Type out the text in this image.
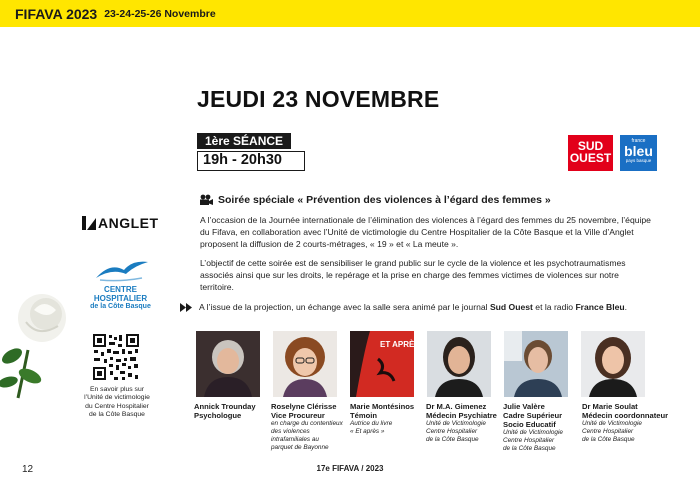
FIFAVA 2023 23-24-25-26 Novembre
JEUDI 23 NOVEMBRE
1ère SÉANCE
19h - 20h30
SUD
OUEST
france
bleu
pays basque
Soirée spéciale « Prévention des violences à l’égard des femmes »
A l’occasion de la Journée internationale de l’élimination des violences à l’égard des femmes du 25 novembre, l’équipe du Fifava, en collaboration avec l’Unité de victimologie du Centre Hospitalier de la Côte Basque et la Ville d’Anglet proposent la diffusion de 2 courts-métrages, « 19 » et « La meute ».
L’objectif de cette soirée est de sensibiliser le grand public sur le cycle de la violence et les psychotraumatismes associés ainsi que sur les droits, le repérage et la prise en charge des femmes victimes de violences sur notre territoire.
A l’issue de la projection, un échange avec la salle sera animé par le journal Sud Ouest et la radio France Bleu.
ANGLET
CENTRE HOSPITALIER
de la Côte Basque
En savoir plus sur
l’Unité de victimologie
du Centre Hospitalier
de la Côte Basque
ET APRÈS ?
Annick Trounday
Psychologue
Roselyne Clérisse
Vice Procureur
en charge du contentieux
des violences
intrafamiliales au
parquet de Bayonne
Marie Montésinos
Témoin
Autrice du livre
« Et après »
Dr M.A. Gimenez
Médecin Psychiatre
Unité de Victimologie
Centre Hospitalier
de la Côte Basque
Julie Valère
Cadre Supérieur
Socio Educatif
Unité de Victimologie
Centre Hospitalier
de la Côte Basque
Dr Marie Soulat
Médecin coordonnateur
Unité de Victimologie
Centre Hospitalier
de la Côte Basque
12	17e FIFAVA / 2023
